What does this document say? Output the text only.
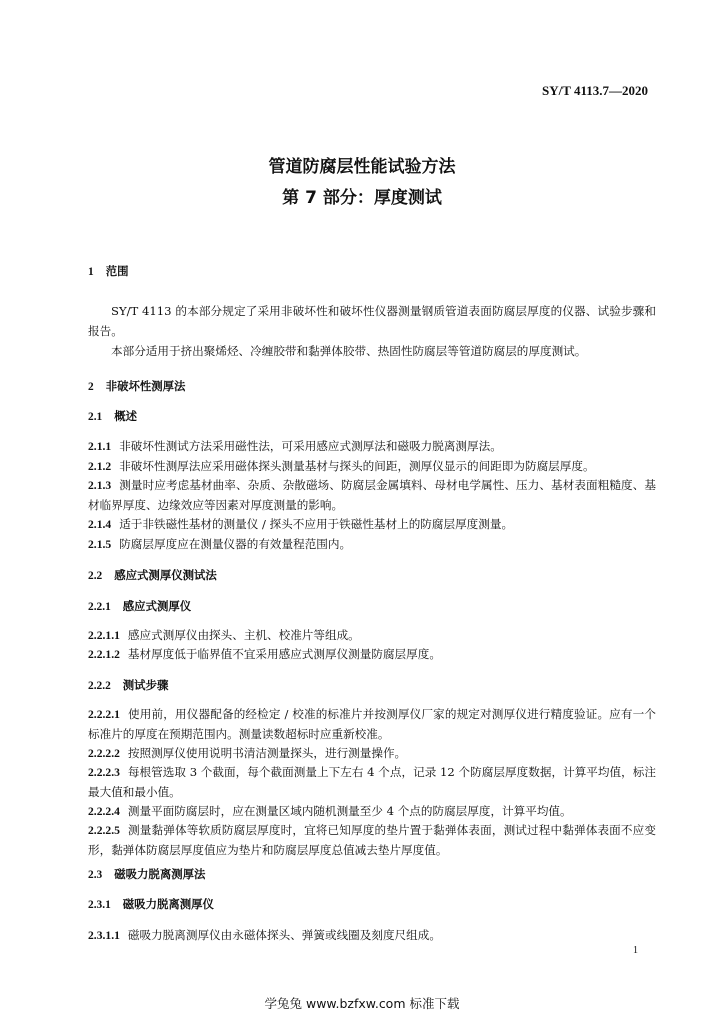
SY/T 4113.7—2020
管道防腐层性能试验方法
第 7 部分：厚度测试
1 范围
SY/T 4113 的本部分规定了采用非破坏性和破坏性仪器测量钢质管道表面防腐层厚度的仪器、试验步骤和报告。
本部分适用于挤出聚烯烃、冷缠胶带和黏弹体胶带、热固性防腐层等管道防腐层的厚度测试。
2 非破坏性测厚法
2.1 概述
2.1.1 非破坏性测试方法采用磁性法，可采用感应式测厚法和磁吸力脱离测厚法。
2.1.2 非破坏性测厚法应采用磁体探头测量基材与探头的间距，测厚仪显示的间距即为防腐层厚度。
2.1.3 测量时应考虑基材曲率、杂质、杂散磁场、防腐层金属填料、母材电学属性、压力、基材表面粗糙度、基材临界厚度、边缘效应等因素对厚度测量的影响。
2.1.4 适于非铁磁性基材的测量仪 / 探头不应用于铁磁性基材上的防腐层厚度测量。
2.1.5 防腐层厚度应在测量仪器的有效量程范围内。
2.2 感应式测厚仪测试法
2.2.1 感应式测厚仪
2.2.1.1 感应式测厚仪由探头、主机、校准片等组成。
2.2.1.2 基材厚度低于临界值不宜采用感应式测厚仪测量防腐层厚度。
2.2.2 测试步骤
2.2.2.1 使用前，用仪器配备的经检定 / 校准的标准片并按测厚仪厂家的规定对测厚仪进行精度验证。应有一个标准片的厚度在预期范围内。测量读数超标时应重新校准。
2.2.2.2 按照测厚仪使用说明书清洁测量探头，进行测量操作。
2.2.2.3 每根管选取 3 个截面，每个截面测量上下左右 4 个点，记录 12 个防腐层厚度数据，计算平均值，标注最大值和最小值。
2.2.2.4 测量平面防腐层时，应在测量区域内随机测量至少 4 个点的防腐层厚度，计算平均值。
2.2.2.5 测量黏弹体等软质防腐层厚度时，宜将已知厚度的垫片置于黏弹体表面，测试过程中黏弹体表面不应变形，黏弹体防腐层厚度值应为垫片和防腐层厚度总值减去垫片厚度值。
2.3 磁吸力脱离测厚法
2.3.1 磁吸力脱离测厚仪
2.3.1.1 磁吸力脱离测厚仪由永磁体探头、弹簧或线圈及刻度尺组成。
1
学兔兔 www.bzfxw.com 标准下载
